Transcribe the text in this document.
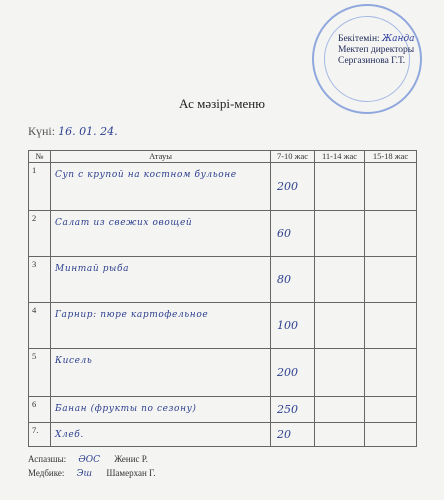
Бекітемін: Жанда
Мектеп директоры
Сергазинова Г.Т.
Ас мәзірі-меню
Күні: 16. 01. 24.
№	Атауы	7-10 жас	11-14 жас	15-18 жас
1	Суп с крупой на костном бульоне	200		
2	Салат из свежих овощей	60		
3	Минтай рыба	80		
4	Гарнир: пюре картофельное	100		
5	Кисель	200		
6	Банан (фрукты по сезону)	250		
7.	Хлеб.	20		
Аспазшы: ӘОС Женис Р.
Медбике: Эш Шамерхан Г.
